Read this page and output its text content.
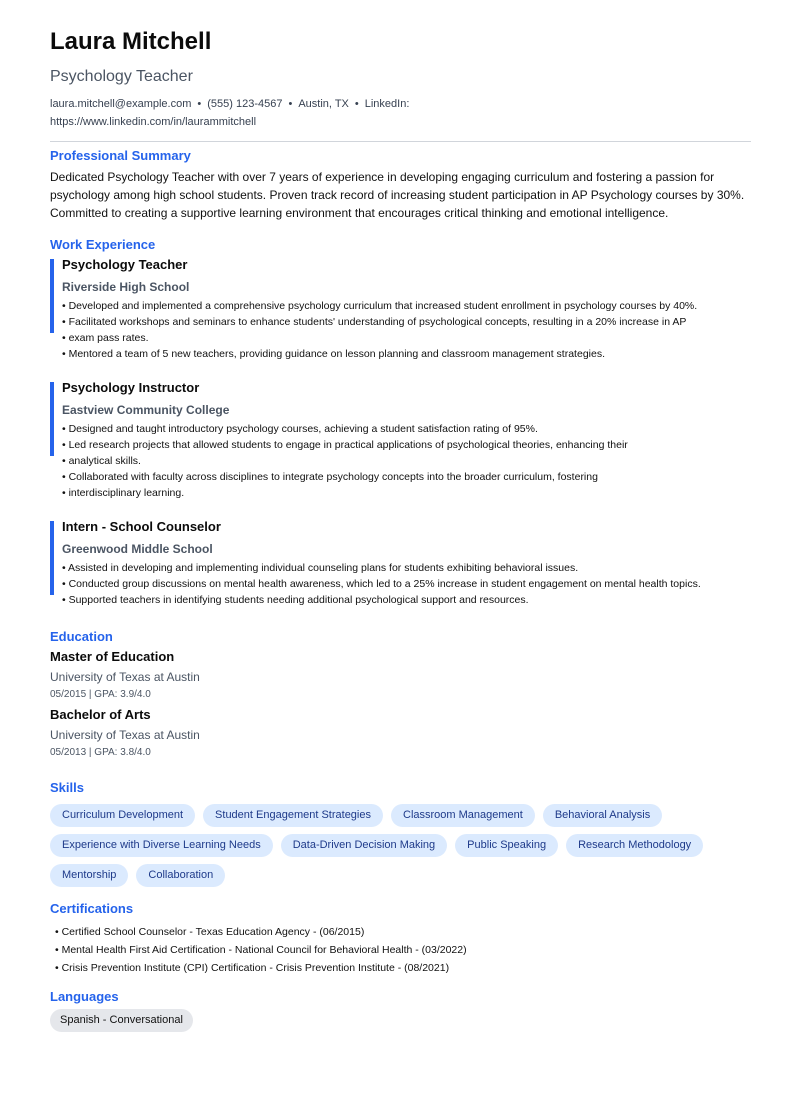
Laura Mitchell
Psychology Teacher
laura.mitchell@example.com • (555) 123-4567 • Austin, TX • LinkedIn:
https://www.linkedin.com/in/laurammitchell
Professional Summary
Dedicated Psychology Teacher with over 7 years of experience in developing engaging curriculum and fostering a passion for psychology among high school students. Proven track record of increasing student participation in AP Psychology courses by 30%. Committed to creating a supportive learning environment that encourages critical thinking and emotional intelligence.
Work Experience
Psychology Teacher
Riverside High School
• Developed and implemented a comprehensive psychology curriculum that increased student enrollment in psychology courses by 40%.
• Facilitated workshops and seminars to enhance students' understanding of psychological concepts, resulting in a 20% increase in AP
• exam pass rates.
• Mentored a team of 5 new teachers, providing guidance on lesson planning and classroom management strategies.
Psychology Instructor
Eastview Community College
• Designed and taught introductory psychology courses, achieving a student satisfaction rating of 95%.
• Led research projects that allowed students to engage in practical applications of psychological theories, enhancing their
• analytical skills.
• Collaborated with faculty across disciplines to integrate psychology concepts into the broader curriculum, fostering
• interdisciplinary learning.
Intern - School Counselor
Greenwood Middle School
• Assisted in developing and implementing individual counseling plans for students exhibiting behavioral issues.
• Conducted group discussions on mental health awareness, which led to a 25% increase in student engagement on mental health topics.
• Supported teachers in identifying students needing additional psychological support and resources.
Education
Master of Education
University of Texas at Austin
05/2015 | GPA: 3.9/4.0
Bachelor of Arts
University of Texas at Austin
05/2013 | GPA: 3.8/4.0
Skills
Curriculum Development	Student Engagement Strategies	Classroom Management	Behavioral Analysis
Experience with Diverse Learning Needs	Data-Driven Decision Making	Public Speaking	Research Methodology
Mentorship	Collaboration
Certifications
• Certified School Counselor - Texas Education Agency - (06/2015)
• Mental Health First Aid Certification - National Council for Behavioral Health - (03/2022)
• Crisis Prevention Institute (CPI) Certification - Crisis Prevention Institute - (08/2021)
Languages
Spanish - Conversational
